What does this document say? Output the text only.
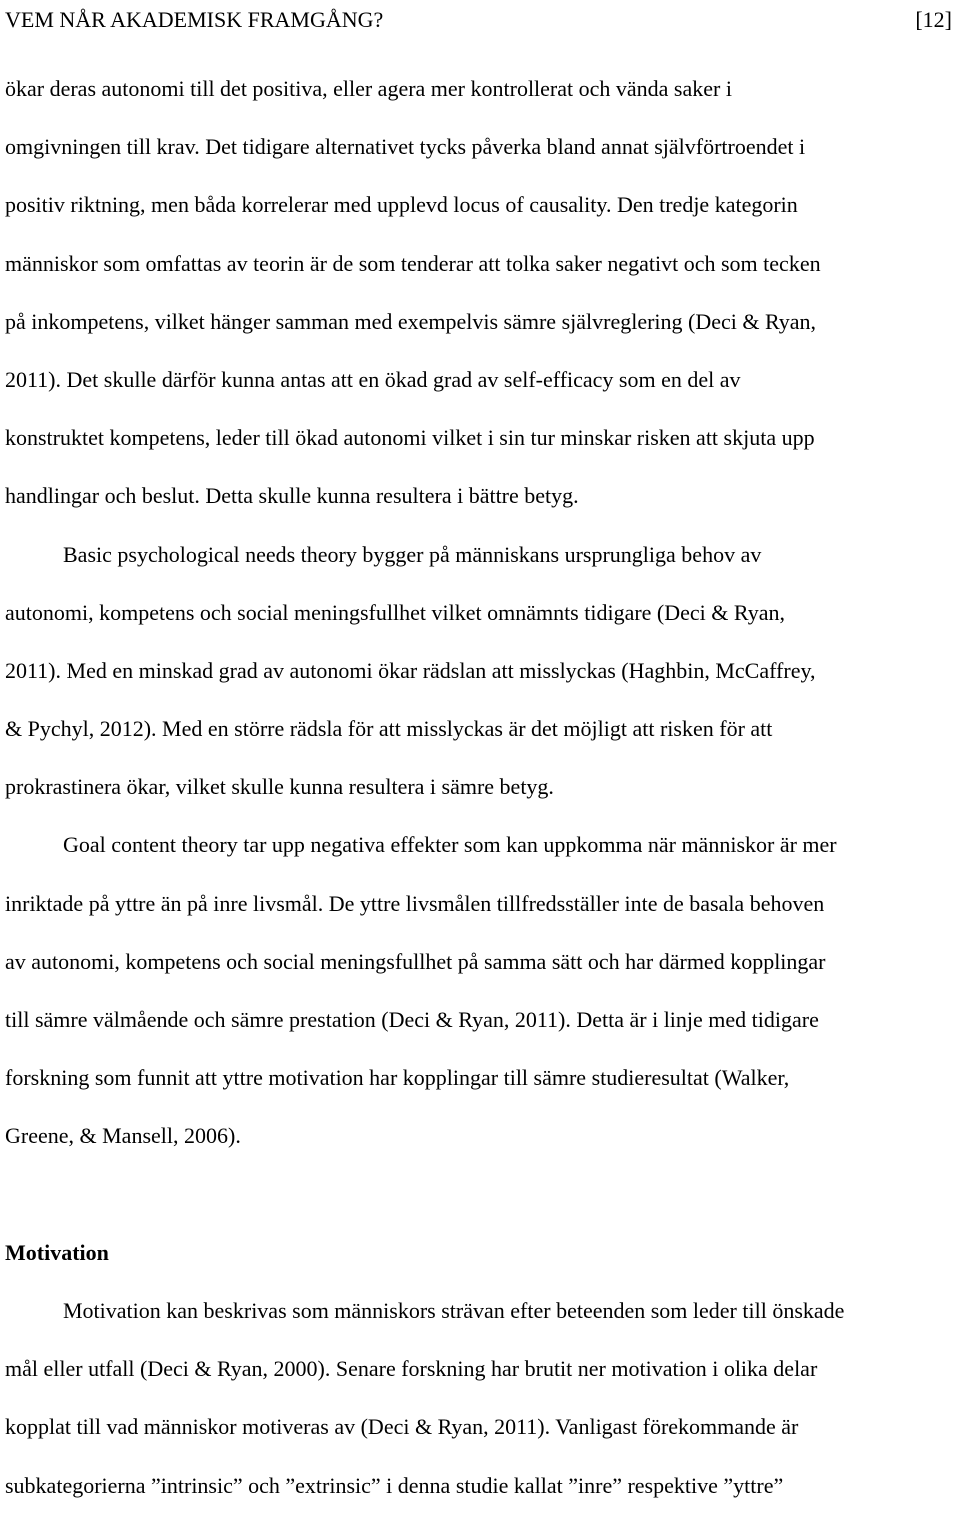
VEM NÅR AKADEMISK FRAMGÅNG?	[12]
ökar deras autonomi till det positiva, eller agera mer kontrollerat och vända saker i
omgivningen till krav. Det tidigare alternativet tycks påverka bland annat självförtroendet i
positiv riktning, men båda korrelerar med upplevd locus of causality. Den tredje kategorin
människor som omfattas av teorin är de som tenderar att tolka saker negativt och som tecken
på inkompetens, vilket hänger samman med exempelvis sämre självreglering (Deci & Ryan,
2011). Det skulle därför kunna antas att en ökad grad av self-efficacy som en del av
konstruktet kompetens, leder till ökad autonomi vilket i sin tur minskar risken att skjuta upp
handlingar och beslut. Detta skulle kunna resultera i bättre betyg.
Basic psychological needs theory bygger på människans ursprungliga behov av
autonomi, kompetens och social meningsfullhet vilket omnämnts tidigare (Deci & Ryan,
2011). Med en minskad grad av autonomi ökar rädslan att misslyckas (Haghbin, McCaffrey,
& Pychyl, 2012). Med en större rädsla för att misslyckas är det möjligt att risken för att
prokrastinera ökar, vilket skulle kunna resultera i sämre betyg.
Goal content theory tar upp negativa effekter som kan uppkomma när människor är mer
inriktade på yttre än på inre livsmål. De yttre livsmålen tillfredsställer inte de basala behoven
av autonomi, kompetens och social meningsfullhet på samma sätt och har därmed kopplingar
till sämre välmående och sämre prestation (Deci & Ryan, 2011). Detta är i linje med tidigare
forskning som funnit att yttre motivation har kopplingar till sämre studieresultat (Walker,
Greene, & Mansell, 2006).
Motivation
Motivation kan beskrivas som människors strävan efter beteenden som leder till önskade
mål eller utfall (Deci & Ryan, 2000). Senare forskning har brutit ner motivation i olika delar
kopplat till vad människor motiveras av (Deci & Ryan, 2011). Vanligast förekommande är
subkategorierna ”intrinsic” och ”extrinsic” i denna studie kallat ”inre” respektive ”yttre”
